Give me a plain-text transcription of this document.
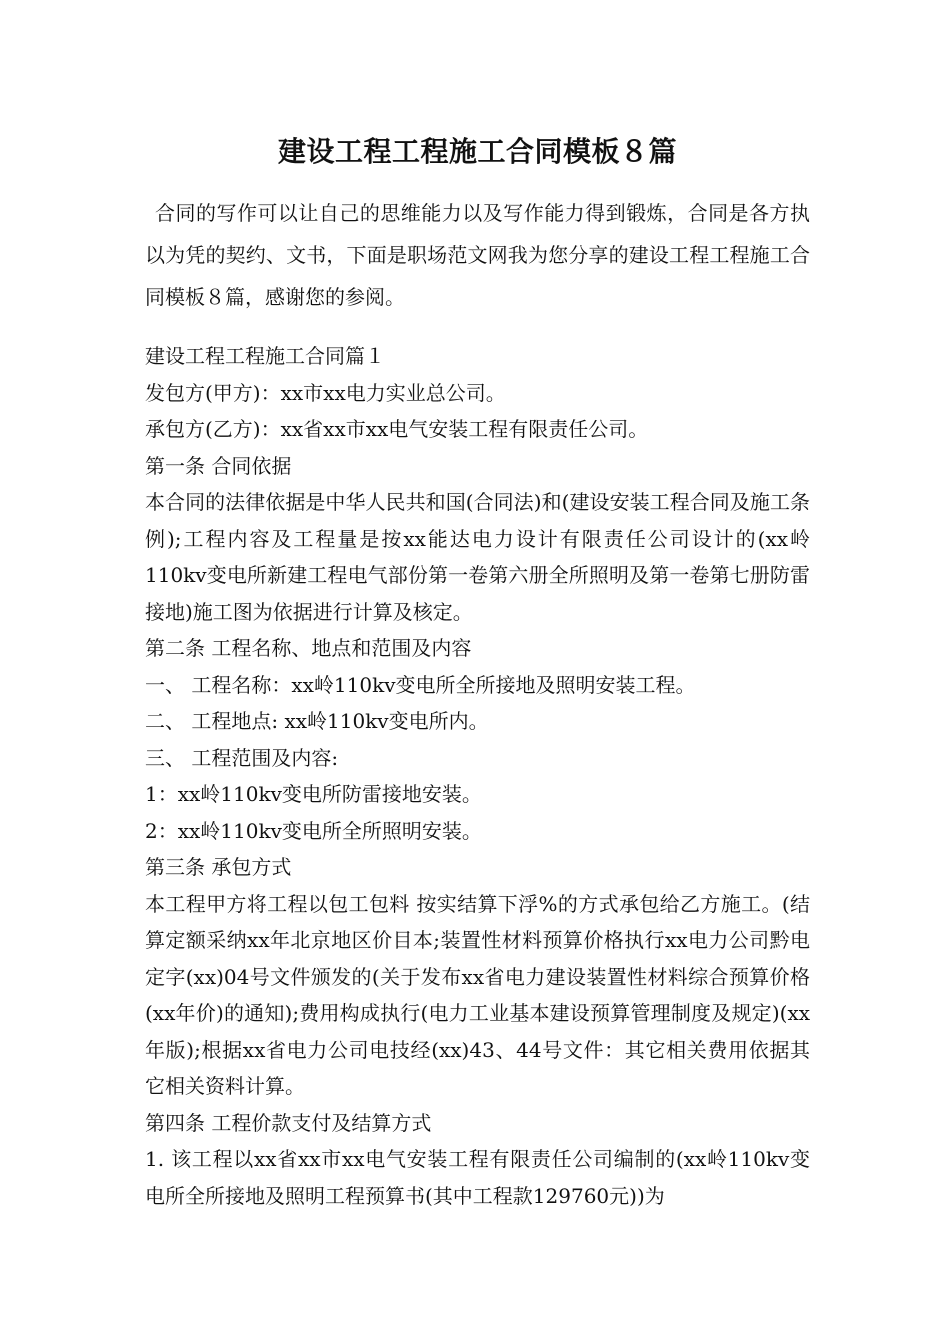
建设工程工程施工合同模板８篇

合同的写作可以让自己的思维能力以及写作能力得到锻炼，合同是各方执以为凭的契约、文书，下面是职场范文网我为您分享的建设工程工程施工合同模板８篇，感谢您的参阅。

建设工程工程施工合同篇１

发包方(甲方)：xx市xx电力实业总公司。

承包方(乙方)：xx省xx市xx电气安装工程有限责任公司。

第一条 合同依据

本合同的法律依据是中华人民共和国(合同法)和(建设安装工程合同及施工条例);工程内容及工程量是按xx能达电力设计有限责任公司设计的(xx岭110kv变电所新建工程电气部份第一卷第六册全所照明及第一卷第七册防雷接地)施工图为依据进行计算及核定。

第二条 工程名称、地点和范围及内容

一、 工程名称：xx岭110kv变电所全所接地及照明安装工程。

二、 工程地点: xx岭110kv变电所内。

三、 工程范围及内容:

1：xx岭110kv变电所防雷接地安装。

2：xx岭110kv变电所全所照明安装。

第三条 承包方式

本工程甲方将工程以包工包料 按实结算下浮%的方式承包给乙方施工。(结算定额采纳xx年北京地区价目本;装置性材料预算价格执行xx电力公司黔电定字(xx)04号文件颁发的(关于发布xx省电力建设装置性材料综合预算价格(xx年价)的通知);费用构成执行(电力工业基本建设预算管理制度及规定)(xx年版);根据xx省电力公司电技经(xx)43、44号文件：其它相关费用依据其它相关资料计算。

第四条 工程价款支付及结算方式

1. 该工程以xx省xx市xx电气安装工程有限责任公司编制的(xx岭110kv变电所全所接地及照明工程预算书(其中工程款129760元))为
